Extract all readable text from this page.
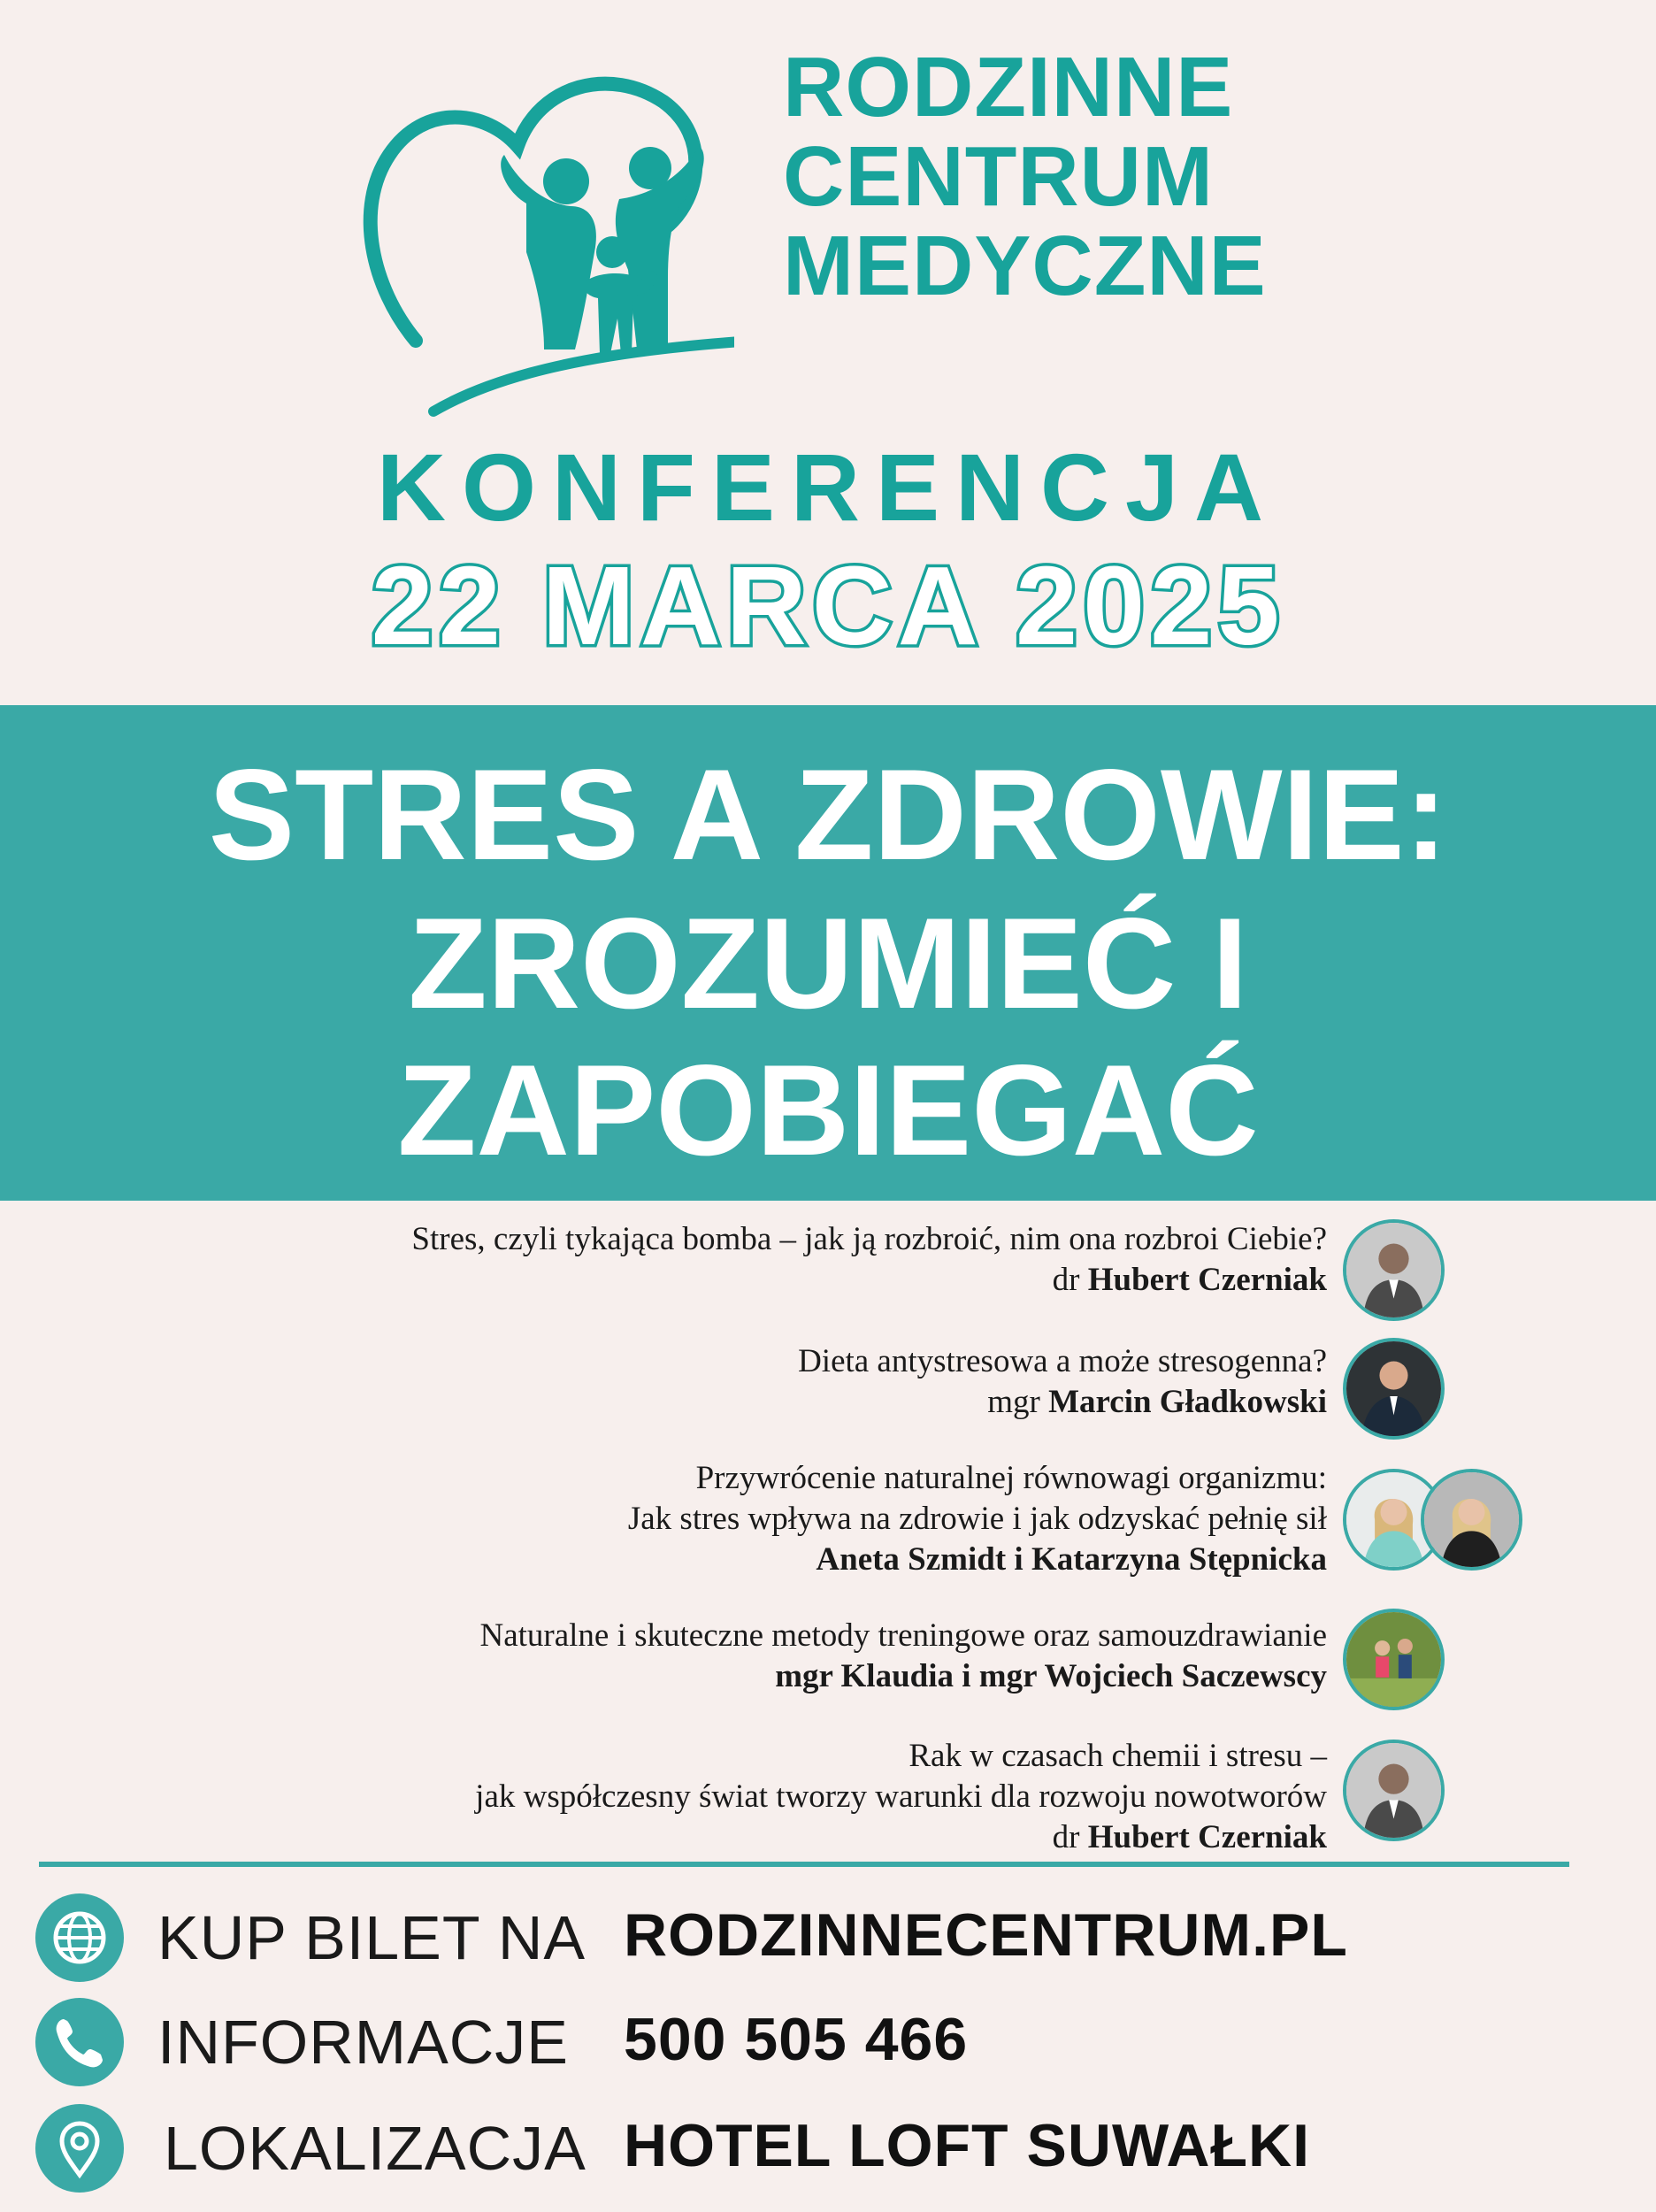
RODZINNE
CENTRUM
MEDYCZNE
KONFERENCJA
22 MARCA 2025
STRES A ZDROWIE:
ZROZUMIEĆ I
ZAPOBIEGAĆ
Stres, czyli tykająca bomba – jak ją rozbroić, nim ona rozbroi Ciebie?
dr Hubert Czerniak
Dieta antystresowa a może stresogenna?
mgr Marcin Gładkowski
Przywrócenie naturalnej równowagi organizmu:
Jak stres wpływa na zdrowie i jak odzyskać pełnię sił
Aneta Szmidt i Katarzyna Stępnicka
Naturalne i skuteczne metody treningowe oraz samouzdrawianie
mgr Klaudia i mgr Wojciech Saczewscy
Rak w czasach chemii i stresu –
jak współczesny świat tworzy warunki dla rozwoju nowotworów
dr Hubert Czerniak
KUP BILET NA RODZINNECENTRUM.PL
INFORMACJE 500 505 466
LOKALIZACJA HOTEL LOFT SUWAŁKI
